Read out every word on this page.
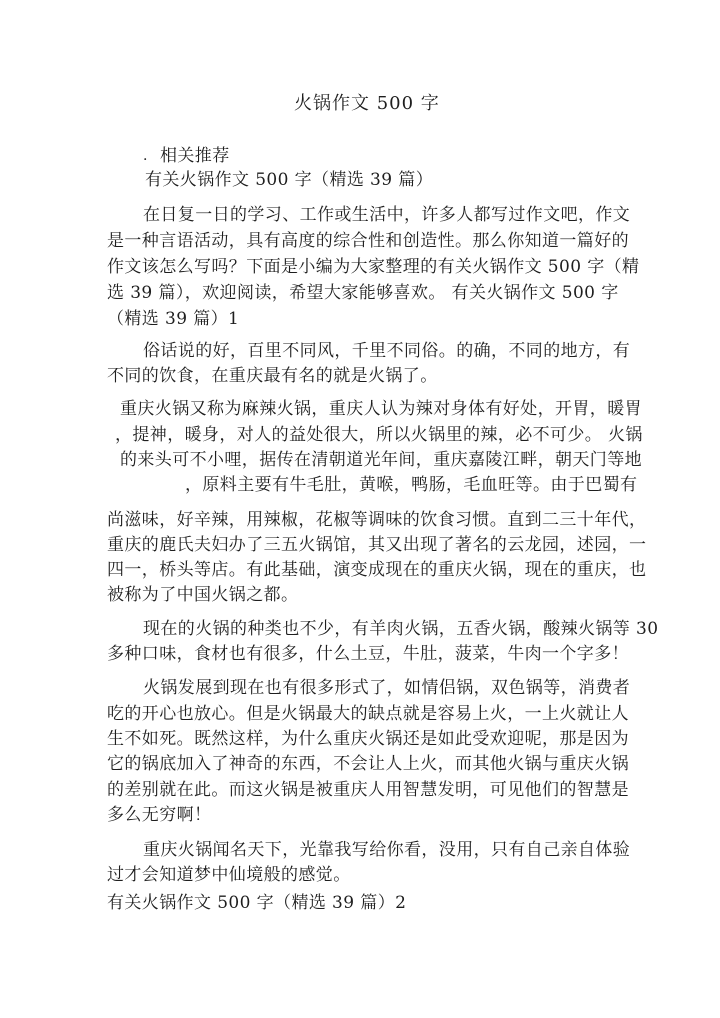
火锅作文 500 字
· 相关推荐
有关火锅作文 500 字（精选 39 篇）
在日复一日的学习、工作或生活中，许多人都写过作文吧，作文
是一种言语活动，具有高度的综合性和创造性。那么你知道一篇好的
作文该怎么写吗？下面是小编为大家整理的有关火锅作文 500 字（精
选 39 篇），欢迎阅读，希望大家能够喜欢。 有关火锅作文 500 字
（精选 39 篇）1
俗话说的好，百里不同风，千里不同俗。的确，不同的地方，有
不同的饮食，在重庆最有名的就是火锅了。
重庆火锅又称为麻辣火锅，重庆人认为辣对身体有好处，开胃，暖胃
，提神，暖身，对人的益处很大，所以火锅里的辣，必不可少。 火锅
的来头可不小哩，据传在清朝道光年间，重庆嘉陵江畔，朝天门等地
，原料主要有牛毛肚，黄喉，鸭肠，毛血旺等。由于巴蜀有
尚滋味，好辛辣，用辣椒，花椒等调味的饮食习惯。直到二三十年代，
重庆的鹿氏夫妇办了三五火锅馆，其又出现了著名的云龙园，述园，一
四一，桥头等店。有此基础，演变成现在的重庆火锅，现在的重庆，也
被称为了中国火锅之都。
现在的火锅的种类也不少，有羊肉火锅，五香火锅，酸辣火锅等 30
多种口味，食材也有很多，什么土豆，牛肚，菠菜，牛肉一个字多！
火锅发展到现在也有很多形式了，如情侣锅，双色锅等，消费者
吃的开心也放心。但是火锅最大的缺点就是容易上火，一上火就让人
生不如死。既然这样，为什么重庆火锅还是如此受欢迎呢，那是因为
它的锅底加入了神奇的东西，不会让人上火，而其他火锅与重庆火锅
的差别就在此。而这火锅是被重庆人用智慧发明，可见他们的智慧是
多么无穷啊！
重庆火锅闻名天下，光靠我写给你看，没用，只有自己亲自体验
过才会知道梦中仙境般的感觉。
有关火锅作文 500 字（精选 39 篇）2
